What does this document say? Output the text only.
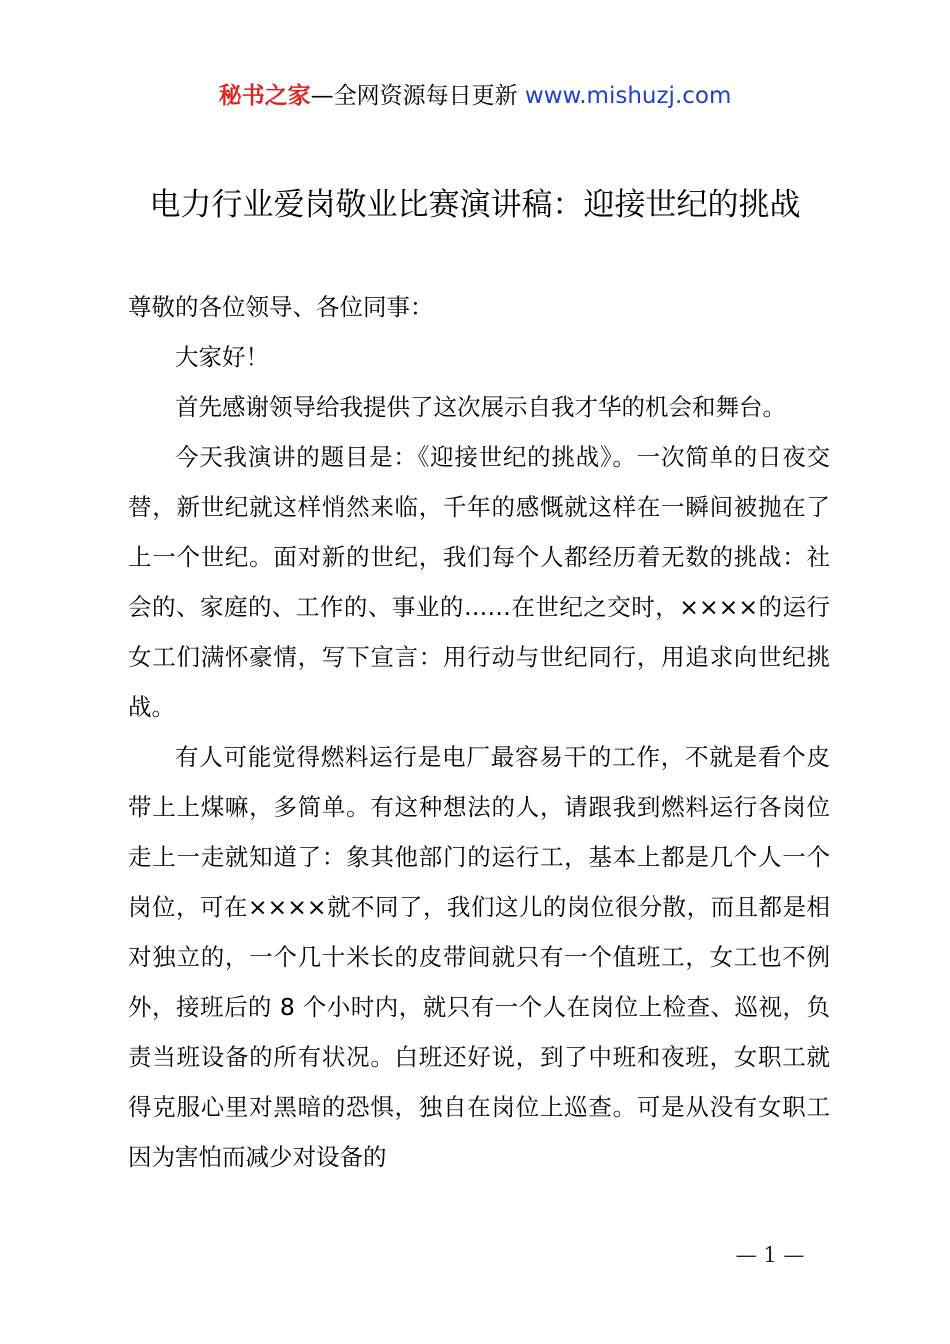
秘书之家—全网资源每日更新 www.mishuzj.com
电力行业爱岗敬业比赛演讲稿：迎接世纪的挑战

尊敬的各位领导、各位同事：

大家好！

首先感谢领导给我提供了这次展示自我才华的机会和舞台。

今天我演讲的题目是：《迎接世纪的挑战》。一次简单的日夜交替，新世纪就这样悄然来临，千年的感慨就这样在一瞬间被抛在了上一个世纪。面对新的世纪，我们每个人都经历着无数的挑战：社会的、家庭的、工作的、事业的……在世纪之交时，××××的运行女工们满怀豪情，写下宣言：用行动与世纪同行，用追求向世纪挑战。

有人可能觉得燃料运行是电厂最容易干的工作，不就是看个皮带上上煤嘛，多简单。有这种想法的人，请跟我到燃料运行各岗位走上一走就知道了：象其他部门的运行工，基本上都是几个人一个岗位，可在××××就不同了，我们这儿的岗位很分散，而且都是相对独立的，一个几十米长的皮带间就只有一个值班工，女工也不例外，接班后的 8 个小时内，就只有一个人在岗位上检查、巡视，负责当班设备的所有状况。白班还好说，到了中班和夜班，女职工就得克服心里对黑暗的恐惧，独自在岗位上巡查。可是从没有女职工因为害怕而减少对设备的

— 1 —
